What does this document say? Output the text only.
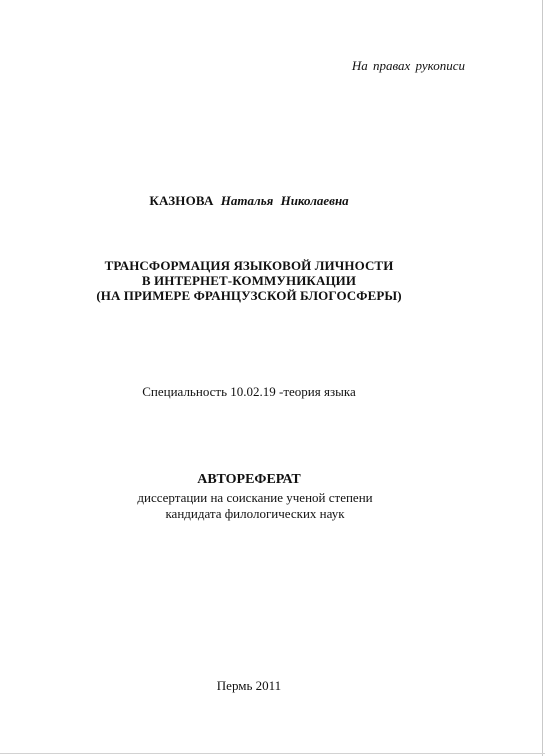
На правах рукописи
КАЗНОВА Наталья Николаевна
ТРАНСФОРМАЦИЯ ЯЗЫКОВОЙ ЛИЧНОСТИ
В ИНТЕРНЕТ-КОММУНИКАЦИИ
(НА ПРИМЕРЕ ФРАНЦУЗСКОЙ БЛОГОСФЕРЫ)
Специальность 10.02.19 -теория языка
АВТОРЕФЕРАТ
диссертации на соискание ученой степени
кандидата филологических наук
Пермь 2011
